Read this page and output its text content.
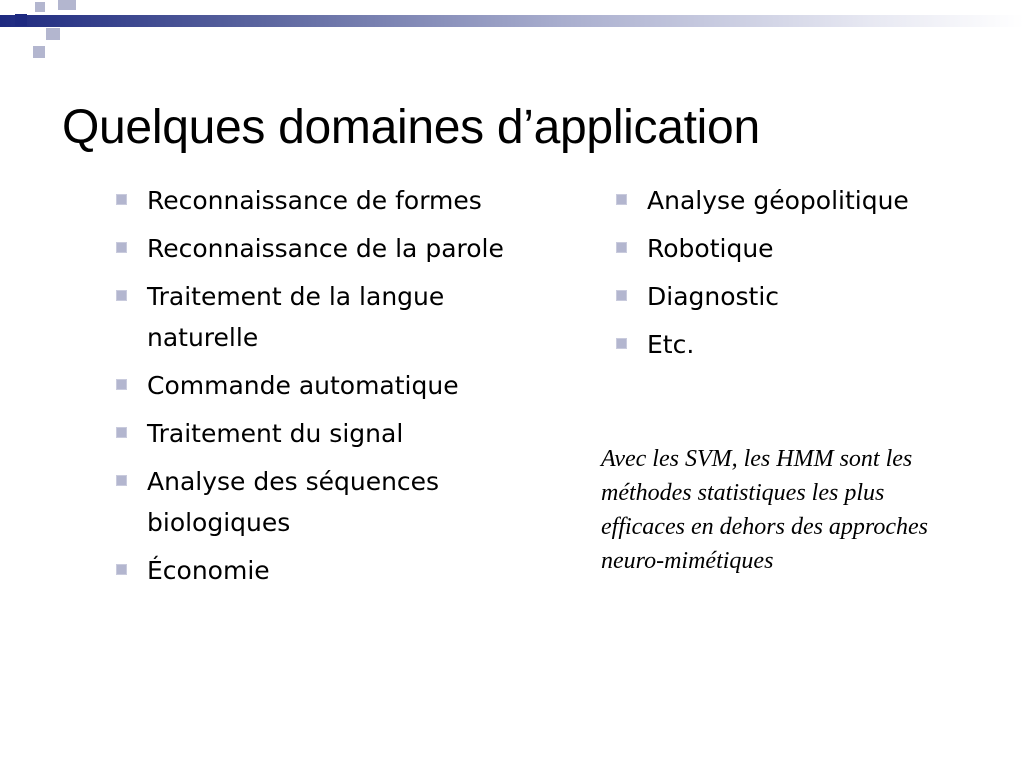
Quelques domaines d’application
Reconnaissance de formes
Reconnaissance de la parole
Traitement de la langue naturelle
Commande automatique
Traitement du signal
Analyse des séquences biologiques
Économie
Analyse géopolitique
Robotique
Diagnostic
Etc.

Avec les SVM, les HMM sont les méthodes statistiques les plus efficaces en dehors des approches neuro-mimétiques
